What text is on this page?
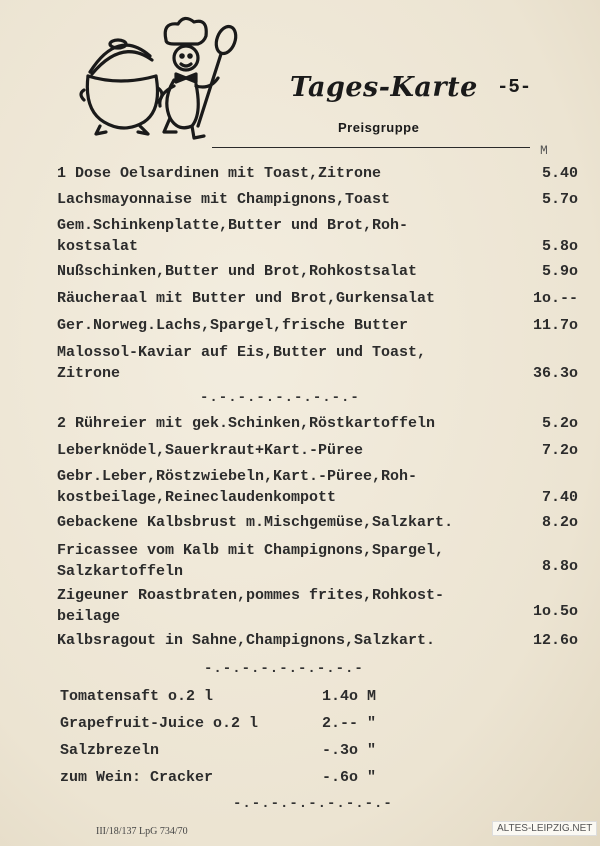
Tages-Karte -5-
Preisgruppe
M
1 Dose Oelsardinen mit Toast,Zitrone	5.40
Lachsmayonnaise mit Champignons,Toast	5.7o
Gem.Schinkenplatte,Butter und Brot,Roh-
kostsalat	5.8o
Nußschinken,Butter und Brot,Rohkostsalat	5.9o
Räucheraal mit Butter und Brot,Gurkensalat	1o.--
Ger.Norweg.Lachs,Spargel,frische Butter	11.7o
Malossol-Kaviar auf Eis,Butter und Toast,
Zitrone	36.3o
-.-.-.-.-.-.-.-.-
2 Rühreier mit gek.Schinken,Röstkartoffeln	5.2o
Leberknödel,Sauerkraut+Kart.-Püree	7.2o
Gebr.Leber,Röstzwiebeln,Kart.-Püree,Roh-
kostbeilage,Reineclaudenkompott	7.40
Gebackene Kalbsbrust m.Mischgemüse,Salzkart.	8.2o
Fricassee vom Kalb mit Champignons,Spargel,
Salzkartoffeln	8.8o
Zigeuner Roastbraten,pommes frites,Rohkost-
beilage	1o.5o
Kalbsragout in Sahne,Champignons,Salzkart.	12.6o
-.-.-.-.-.-.-.-.-
Tomatensaft o.2 l	1.4o M
Grapefruit-Juice o.2 l	2.-- "
Salzbrezeln	-.3o "
zum Wein: Cracker	-.6o "
-.-.-.-.-.-.-.-.-
III/18/137 LpG 734/70	ALTES-LEIPZIG.NET
